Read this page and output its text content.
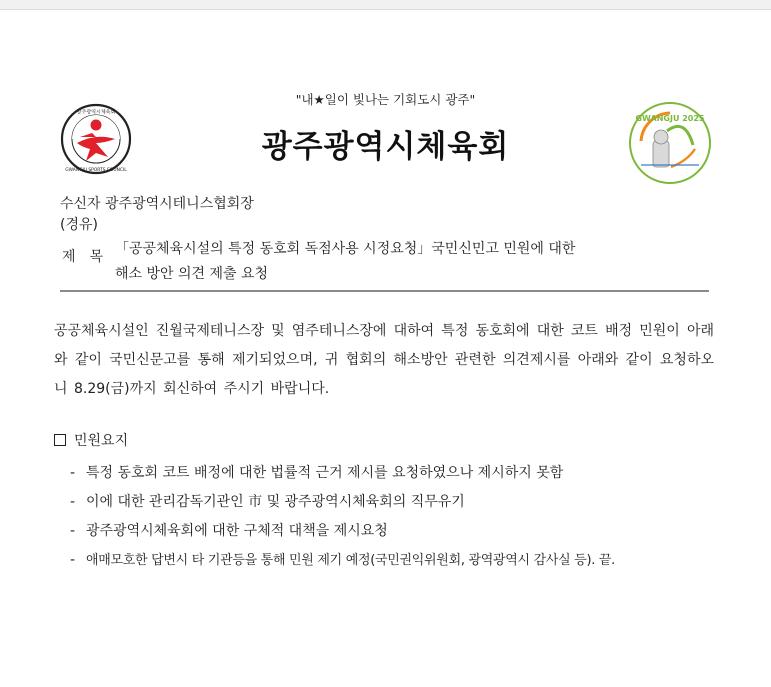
"내★일이 빛나는 기회도시 광주"
광주광역시체육회
GWANGJU SPORTS COUNCIL
광주광역시체육회
GWANGJU 2025
수신자 광주광역시테니스협회장
(경유)
제목
「공공체육시설의 특정 동호회 독점사용 시정요청」국민신민고 민원에 대한
해소 방안 의견 제출 요청
공공체육시설인 진월국제테니스장 및 염주테니스장에 대하여 특정 동호회에 대한 코트 배정 민원이 아래와 같이 국민신문고를 통해 제기되었으며, 귀 협회의 해소방안 관련한 의견제시를 아래와 같이 요청하오니 8.29(금)까지 회신하여 주시기 바랍니다.
민원요지
- 특정 동호회 코트 배정에 대한 법률적 근거 제시를 요청하였으나 제시하지 못함
- 이에 대한 관리감독기관인 市 및 광주광역시체육회의 직무유기
- 광주광역시체육회에 대한 구체적 대책을 제시요청
- 애매모호한 답변시 타 기관등을 통해 민원 제기 예정(국민권익위원회, 광역광역시 감사실 등). 끝.
